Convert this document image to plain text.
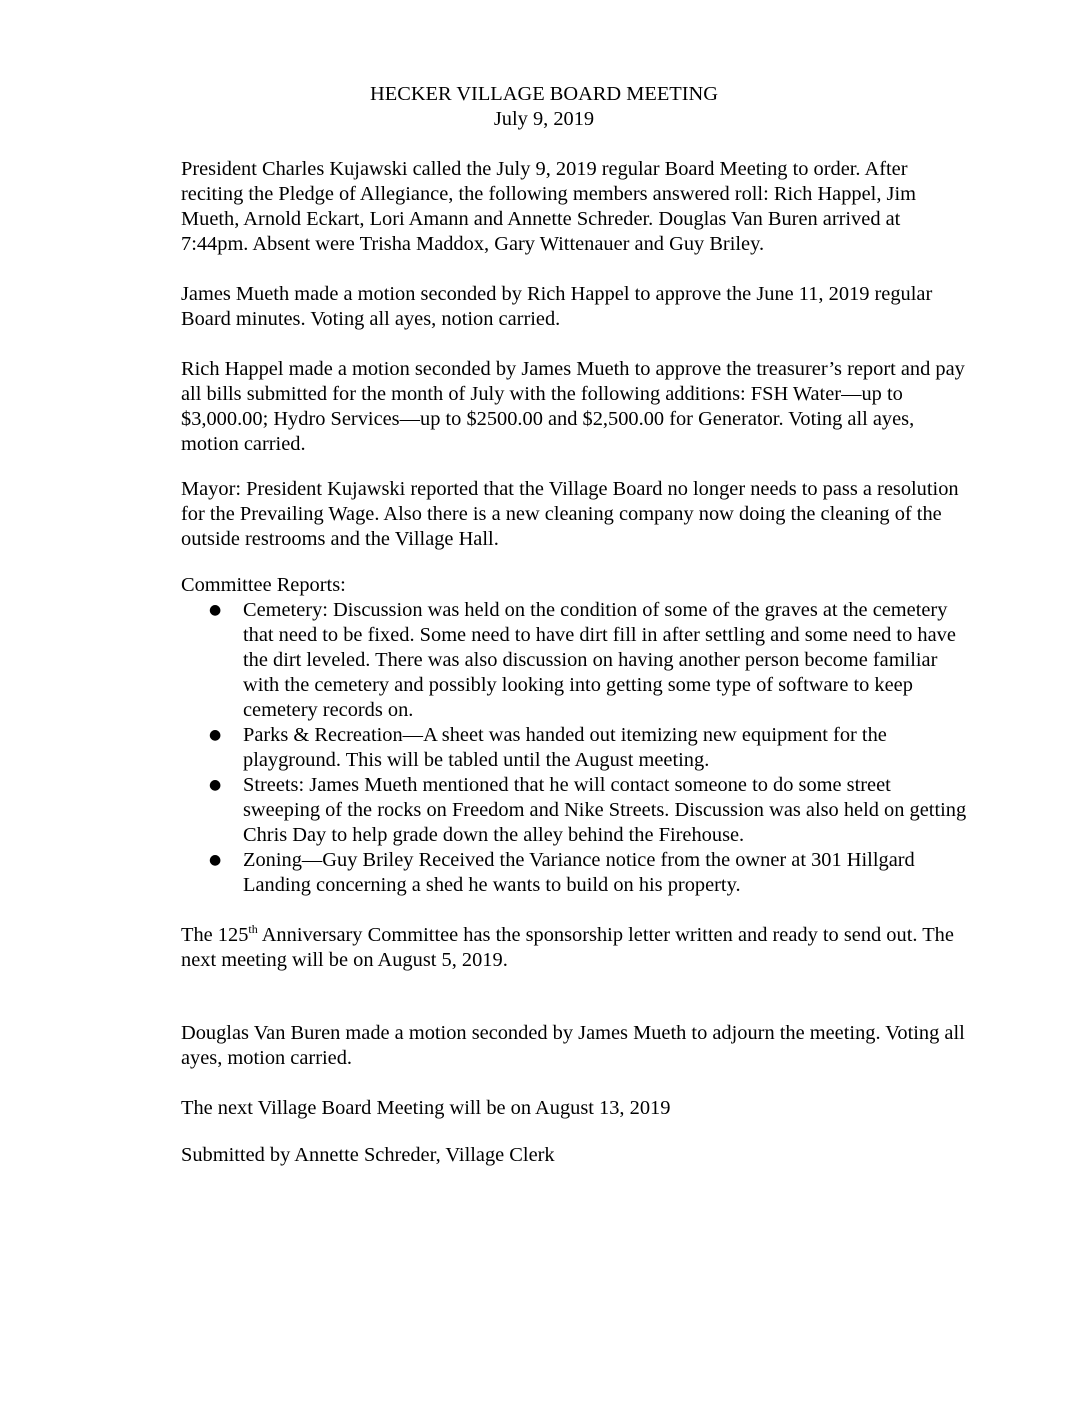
HECKER VILLAGE BOARD MEETING
July 9, 2019

President Charles Kujawski called the July 9, 2019 regular Board Meeting to order. After reciting the Pledge of Allegiance, the following members answered roll: Rich Happel, Jim Mueth, Arnold Eckart, Lori Amann and Annette Schreder. Douglas Van Buren arrived at 7:44pm. Absent were Trisha Maddox, Gary Wittenauer and Guy Briley.

James Mueth made a motion seconded by Rich Happel to approve the June 11, 2019 regular Board minutes. Voting all ayes, notion carried.

Rich Happel made a motion seconded by James Mueth to approve the treasurer’s report and pay all bills submitted for the month of July with the following additions: FSH Water—up to $3,000.00; Hydro Services—up to $2500.00 and $2,500.00 for Generator. Voting all ayes, motion carried.

Mayor: President Kujawski reported that the Village Board no longer needs to pass a resolution for the Prevailing Wage. Also there is a new cleaning company now doing the cleaning of the outside restrooms and the Village Hall.

Committee Reports:

● Cemetery: Discussion was held on the condition of some of the graves at the cemetery that need to be fixed. Some need to have dirt fill in after settling and some need to have the dirt leveled. There was also discussion on having another person become familiar with the cemetery and possibly looking into getting some type of software to keep cemetery records on.
● Parks & Recreation—A sheet was handed out itemizing new equipment for the playground. This will be tabled until the August meeting.
● Streets: James Mueth mentioned that he will contact someone to do some street sweeping of the rocks on Freedom and Nike Streets. Discussion was also held on getting Chris Day to help grade down the alley behind the Firehouse.
● Zoning—Guy Briley Received the Variance notice from the owner at 301 Hillgard Landing concerning a shed he wants to build on his property.

The 125th Anniversary Committee has the sponsorship letter written and ready to send out. The next meeting will be on August 5, 2019.

Douglas Van Buren made a motion seconded by James Mueth to adjourn the meeting. Voting all ayes, motion carried.

The next Village Board Meeting will be on August 13, 2019

Submitted by Annette Schreder, Village Clerk
